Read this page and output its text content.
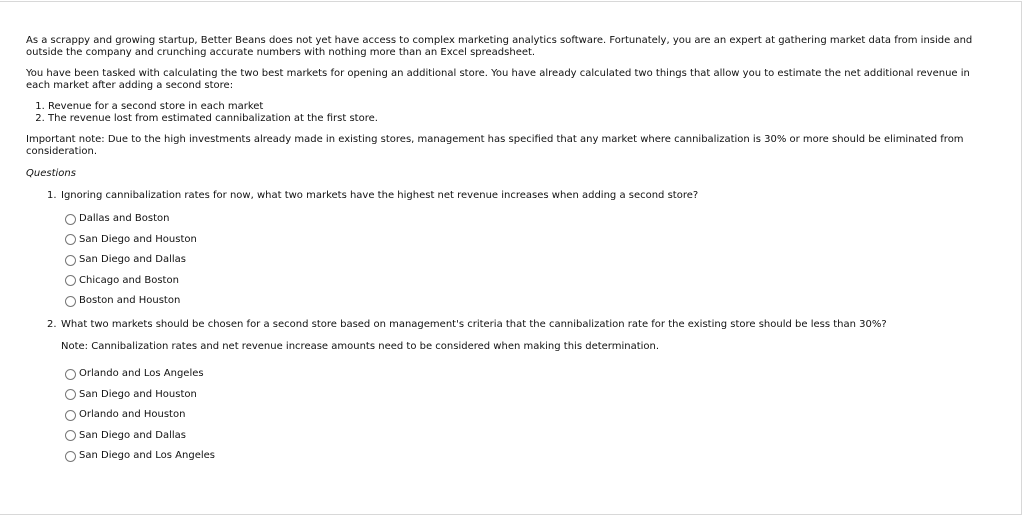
As a scrappy and growing startup, Better Beans does not yet have access to complex marketing analytics software. Fortunately, you are an expert at gathering market data from inside and outside the company and crunching accurate numbers with nothing more than an Excel spreadsheet.

You have been tasked with calculating the two best markets for opening an additional store. You have already calculated two things that allow you to estimate the net additional revenue in each market after adding a second store:

1. Revenue for a second store in each market
2. The revenue lost from estimated cannibalization at the first store.

Important note: Due to the high investments already made in existing stores, management has specified that any market where cannibalization is 30% or more should be eliminated from consideration.

Questions
1. Ignoring cannibalization rates for now, what two markets have the highest net revenue increases when adding a second store?
Dallas and Boston
San Diego and Houston
San Diego and Dallas
Chicago and Boston
Boston and Houston
2. What two markets should be chosen for a second store based on management's criteria that the cannibalization rate for the existing store should be less than 30%?
Note: Cannibalization rates and net revenue increase amounts need to be considered when making this determination.
Orlando and Los Angeles
San Diego and Houston
Orlando and Houston
San Diego and Dallas
San Diego and Los Angeles
